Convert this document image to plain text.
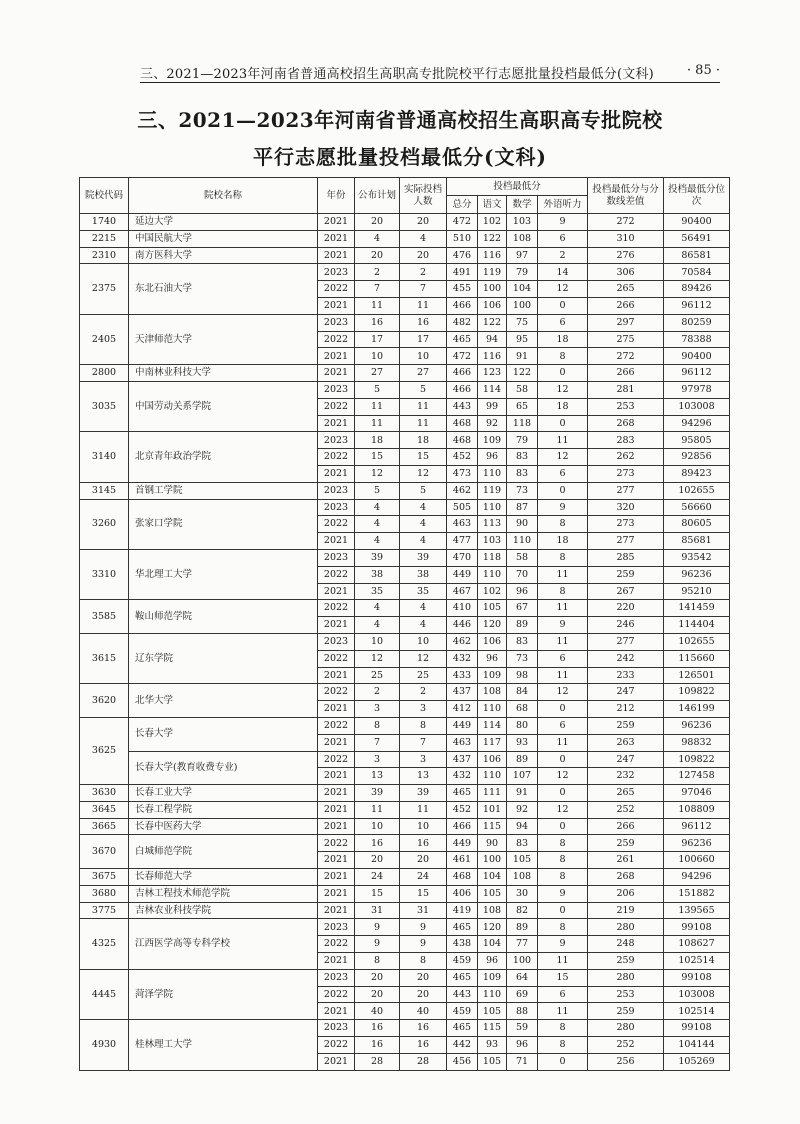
三、2021—2023年河南省普通高校招生高职高专批院校平行志愿批量投档最低分(文科)	· 85 ·
三、2021—2023年河南省普通高校招生高职高专批院校
平行志愿批量投档最低分(文科)
院校代码	院校名称	年份	公布计划	实际投档人数	投档最低分				投档最低分与分数线差值	投档最低分位次
					总分	语文	数学	外语听力		
1740	延边大学	2021	20	20	472	102	103	9	272	90400
2215	中国民航大学	2021	4	4	510	122	108	6	310	56491
2310	南方医科大学	2021	20	20	476	116	97	2	276	86581
2375	东北石油大学	2023	2	2	491	119	79	14	306	70584
		2022	7	7	455	100	104	12	265	89426
		2021	11	11	466	106	100	0	266	96112
2405	天津师范大学	2023	16	16	482	122	75	6	297	80259
		2022	17	17	465	94	95	18	275	78388
		2021	10	10	472	116	91	8	272	90400
2800	中南林业科技大学	2021	27	27	466	123	122	0	266	96112
3035	中国劳动关系学院	2023	5	5	466	114	58	12	281	97978
		2022	11	11	443	99	65	18	253	103008
		2021	11	11	468	92	118	0	268	94296
3140	北京青年政治学院	2023	18	18	468	109	79	11	283	95805
		2022	15	15	452	96	83	12	262	92856
		2021	12	12	473	110	83	6	273	89423
3145	首钢工学院	2023	5	5	462	119	73	0	277	102655
3260	张家口学院	2023	4	4	505	110	87	9	320	56660
		2022	4	4	463	113	90	8	273	80605
		2021	4	4	477	103	110	18	277	85681
3310	华北理工大学	2023	39	39	470	118	58	8	285	93542
		2022	38	38	449	110	70	11	259	96236
		2021	35	35	467	102	96	8	267	95210
3585	鞍山师范学院	2022	4	4	410	105	67	11	220	141459
		2021	4	4	446	120	89	9	246	114404
3615	辽东学院	2023	10	10	462	106	83	11	277	102655
		2022	12	12	432	96	73	6	242	115660
		2021	25	25	433	109	98	11	233	126501
3620	北华大学	2022	2	2	437	108	84	12	247	109822
		2021	3	3	412	110	68	0	212	146199
3625	长春大学	2022	8	8	449	114	80	6	259	96236
		2021	7	7	463	117	93	11	263	98832
	长春大学(教育收费专业)	2022	3	3	437	106	89	0	247	109822
		2021	13	13	432	110	107	12	232	127458
3630	长春工业大学	2021	39	39	465	111	91	0	265	97046
3645	长春工程学院	2021	11	11	452	101	92	12	252	108809
3665	长春中医药大学	2021	10	10	466	115	94	0	266	96112
3670	白城师范学院	2022	16	16	449	90	83	8	259	96236
		2021	20	20	461	100	105	8	261	100660
3675	长春师范大学	2021	24	24	468	104	108	8	268	94296
3680	吉林工程技术师范学院	2021	15	15	406	105	30	9	206	151882
3775	吉林农业科技学院	2021	31	31	419	108	82	0	219	139565
4325	江西医学高等专科学校	2023	9	9	465	120	89	8	280	99108
		2022	9	9	438	104	77	9	248	108627
		2021	8	8	459	96	100	11	259	102514
4445	菏泽学院	2023	20	20	465	109	64	15	280	99108
		2022	20	20	443	110	69	6	253	103008
		2021	40	40	459	105	88	11	259	102514
4930	桂林理工大学	2023	16	16	465	115	59	8	280	99108
		2022	16	16	442	93	96	8	252	104144
		2021	28	28	456	105	71	0	256	105269
